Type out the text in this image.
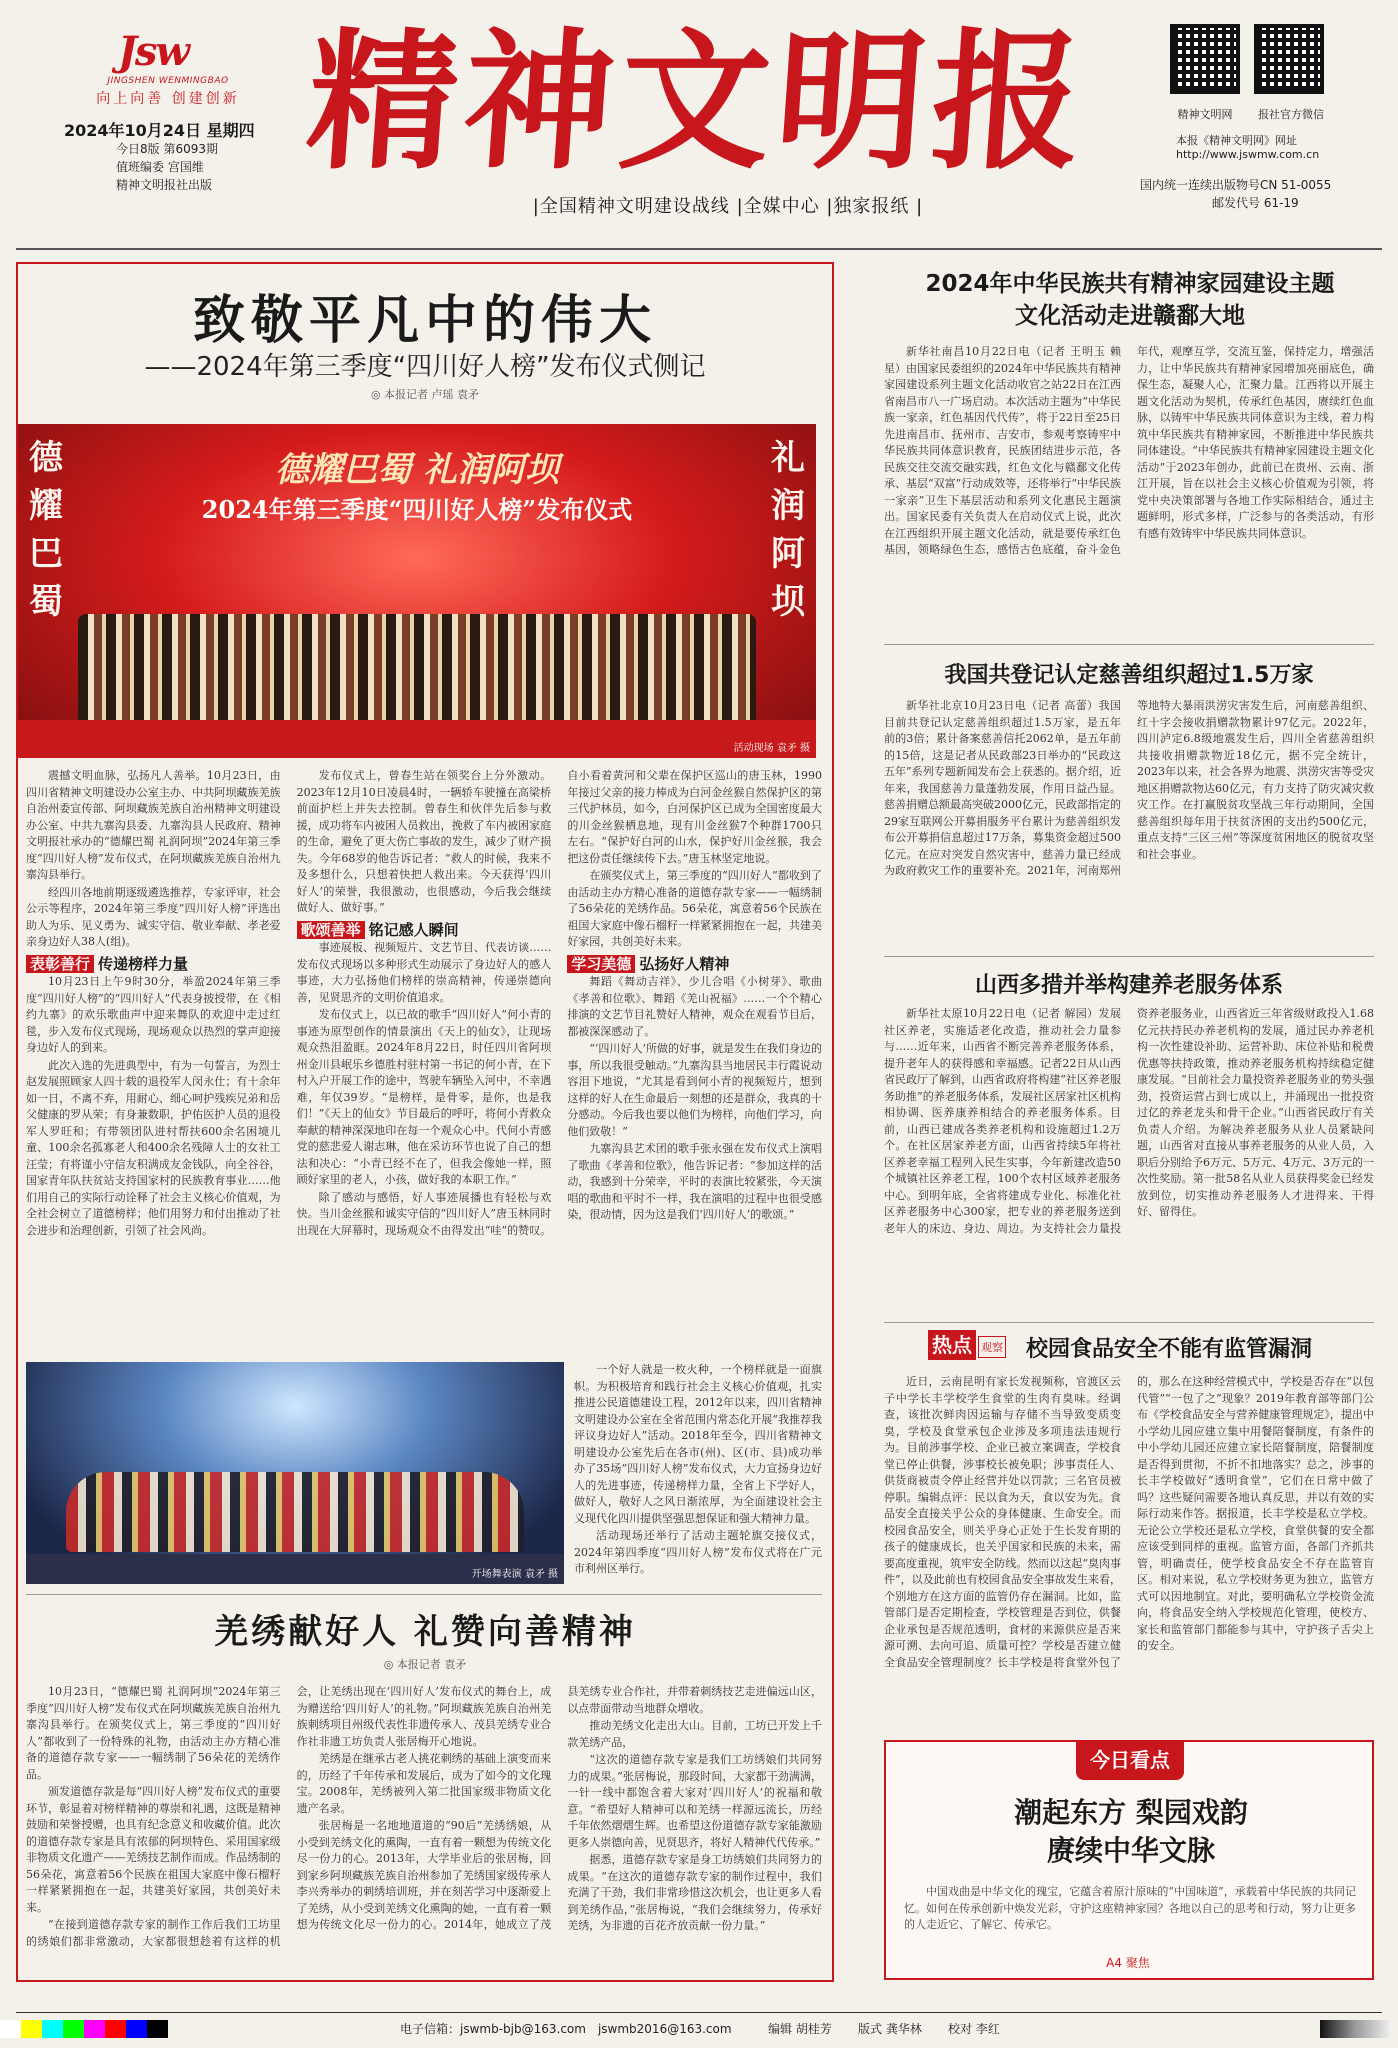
Jsw
JINGSHEN WENMINGBAO
向上向善 创建创新
2024年10月24日 星期四
今日8版 第6093期
值班编委 宫国维
精神文明报社出版 精神文明报
|全国精神文明建设战线 |全媒中心 |独家报纸 |
精神文明网	报社官方微信
本报《精神文明网》网址
http://www.jswmw.com.cn
国内统一连续出版物号CN 51-0055
邮发代号 61-19
致敬平凡中的伟大
——2024年第三季度“四川好人榜”发布仪式侧记
◎ 本报记者 卢瑶 袁矛
德耀巴蜀
礼润阿坝
德耀巴蜀 礼润阿坝
2024年第三季度“四川好人榜”发布仪式
活动现场 袁矛 摄

震撼文明血脉，弘扬凡人善举。10月23日，由四川省精神文明建设办公室主办、中共阿坝藏族羌族自治州委宣传部、阿坝藏族羌族自治州精神文明建设办公室、中共九寨沟县委、九寨沟县人民政府、精神文明报社承办的“德耀巴蜀 礼润阿坝”2024年第三季度“四川好人榜”发布仪式，在阿坝藏族羌族自治州九寨沟县举行。

经四川各地前期逐级遴选推荐，专家评审，社会公示等程序，2024年第三季度“四川好人榜”评选出助人为乐、见义勇为、诚实守信、敬业奉献、孝老爱亲身边好人38人(组)。

表彰善行 传递榜样力量

10月23日上午9时30分，举盈2024年第三季度“四川好人榜”的“四川好人”代表身披授带，在《相约九寨》的欢乐歌曲声中迎来舞队的欢迎中走过红毯，步入发布仪式现场，现场观众以热烈的掌声迎接身边好人的到来。

此次入选的先进典型中，有为一句誓言，为烈士赵发展照顾家人四十载的退役军人闵永仕；有十余年如一日，不离不弃，用耐心、细心呵护残疾兄弟和岳父健康的罗从荣；有身兼数职，护佑医护人员的退役军人罗旺和；有带领团队进村帮扶600余名困境儿童、100余名孤寡老人和400余名残障人士的女社工汪莹；有将谨小守信友积满成友金钱队，向全谷谷，国家青年队扶贫站支持国家村的民族教育事业……他们用自己的实际行动诠释了社会主义核心价值观，为全社会树立了道德榜样；他们用努力和付出推动了社会进步和治理创新，引领了社会风尚。

发布仪式上，曾春生站在领奖台上分外激动。2023年12月10日凌晨4时，一辆轿车驶撞在高梁桥前面护栏上并失去控制。曾春生和伙伴先后参与救援，成功将车内被困人员救出，挽救了车内被困家庭的生命，避免了更大伤亡事故的发生，减少了财产损失。今年68岁的他告诉记者：“救人的时候，我来不及多想什么，只想着快把人救出来。今天获得‘四川好人’的荣誉，我很激动，也很感动，今后我会继续做好人、做好事。”

歌颂善举 铭记感人瞬间

事迹展板、视频短片、文艺节目、代表访谈……发布仪式现场以多种形式生动展示了身边好人的感人事迹，大力弘扬他们榜样的崇高精神，传递崇德向善，见贤思齐的文明价值追求。

发布仪式上，以已故的歌手“四川好人”何小青的事迹为原型创作的情景演出《天上的仙女》，让现场观众热泪盈眶。2024年8月22日，时任四川省阿坝州金川县岷乐乡德胜村驻村第一书记的何小青，在下村入户开展工作的途中，驾驶车辆坠入河中，不幸遇难，年仅39岁。“是榜样，是骨零，是你，也是我们！”《天上的仙女》节目最后的呼吁，将何小青救众奉献的精神深深地印在每一个观众心中。代何小青感党的慈悲爱人谢志琳，他在采访环节也说了自己的想法和决心：“小青已经不在了，但我会像她一样，照顾好家里的老人，小孩，做好我的本职工作。”

除了感动与感悟，好人事迹展播也有轻松与欢快。当川金丝猴和诚实守信的“四川好人”唐玉林同时出现在大屏幕时，现场观众不由得发出“哇”的赞叹。自小看着黄河和父辈在保护区巡山的唐玉林，1990年接过父亲的接力棒成为白河金丝猴自然保护区的第三代护林员，如今，白河保护区已成为全国密度最大的川金丝猴栖息地，现有川金丝猴7个种群1700只左右。“保护好白河的山水，保护好川金丝猴，我会把这份责任继续传下去。”唐玉林坚定地说。

在颁奖仪式上，第三季度的“四川好人”都收到了由活动主办方精心准备的道德存款专家——一幅绣制了56朵花的羌绣作品。56朵花，寓意着56个民族在祖国大家庭中像石榴籽一样紧紧拥抱在一起，共建美好家园，共创美好未来。

学习美德 弘扬好人精神

舞蹈《舞动吉祥》、少儿合唱《小树芽》、歌曲《孝善和位歌》、舞蹈《羌山祝福》……一个个精心排演的文艺节目礼赞好人精神，观众在观看节目后，都被深深感动了。

“‘四川好人’所做的好事，就是发生在我们身边的事，所以我很受触动。”九寨沟县当地居民丰行霞说动容泪下地说，“尤其是看到何小青的视频短片，想到这样的好人在生命最后一刻想的还是群众，我真的十分感动。今后我也要以他们为榜样，向他们学习，向他们致敬！”

九寨沟县艺术团的歌手张永强在发布仪式上演唱了歌曲《孝善和位歌》，他告诉记者：“参加这样的活动，我感到十分荣幸，平时的表演比较紧张，今天演唱的歌曲和平时不一样，我在演唱的过程中也很受感染，很动情，因为这是我们‘四川好人’的歌颂。”

开场舞表演 袁矛 摄

一个好人就是一枚火种，一个榜样就是一面旗帜。为积极培育和践行社会主义核心价值观，扎实推进公民道德建设工程，2012年以来，四川省精神文明建设办公室在全省范围内常态化开展“我推荐我评议身边好人”活动。2018年至今，四川省精神文明建设办公室先后在各市(州)、区(市、县)成功举办了35场“四川好人榜”发布仪式，大力宣扬身边好人的先进事迹，传递榜样力量，全省上下学好人，做好人，敬好人之风日渐浓厚，为全面建设社会主义现代化四川提供坚强思想保证和强大精神力量。

活动现场还举行了活动主题轮旗交接仪式，2024年第四季度“四川好人榜”发布仪式将在广元市利州区举行。

羌绣献好人 礼赞向善精神
◎ 本报记者 袁矛

10月23日，“德耀巴蜀 礼润阿坝”2024年第三季度“四川好人榜”发布仪式在阿坝藏族羌族自治州九寨沟县举行。在颁奖仪式上，第三季度的“四川好人”都收到了一份特殊的礼物，由活动主办方精心准备的道德存款专家——一幅绣制了56朵花的羌绣作品。

颁发道德存款是每“四川好人榜”发布仪式的重要环节，彰显着对榜样精神的尊崇和礼遇，这既是精神鼓励和荣誉授赠，也具有纪念意义和收藏价值。此次的道德存款专家是具有浓郁的阿坝特色、采用国家级非物质文化遗产——羌绣技艺制作而成。作品绣制的56朵花，寓意着56个民族在祖国大家庭中像石榴籽一样紧紧拥抱在一起，共建美好家园，共创美好未来。

“在接到道德存款专家的制作工作后我们工坊里的绣娘们都非常激动，大家都很想趁着有这样的机会，让羌绣出现在‘四川好人’发布仪式的舞台上，成为赠送给‘四川好人’的礼物。”阿坝藏族羌族自治州羌族刺绣项目州级代表性非遗传承人、茂县羌绣专业合作社非遗工坊负责人张居梅开心地说。

羌绣是在继承古老人挑花刺绣的基础上演变而来的，历经了千年传承和发展后，成为了如今的文化瑰宝。2008年，羌绣被列入第二批国家级非物质文化遗产名录。

张居梅是一名地地道道的“90后”羌绣绣娘，从小受到羌绣文化的熏陶，一直有着一颗想为传统文化尽一份力的心。2013年，大学毕业后的张居梅，回到家乡阿坝藏族羌族自治州参加了羌绣国家级传承人李兴秀举办的刺绣培训班，并在刻苦学习中逐渐爱上了羌绣，从小受到羌绣文化熏陶的她，一直有着一颗想为传统文化尽一份力的心。2014年，她成立了茂县羌绣专业合作社，并带着刺绣技艺走进偏远山区，以点带面带动当地群众增收。

推动羌绣文化走出大山。目前，工坊已开发上千款羌绣产品，

“这次的道德存款专家是我们工坊绣娘们共同努力的成果。”张居梅说，那段时间，大家都干劲满满，一针一线中都饱含着大家对‘四川好人’的祝福和敬意。“希望好人精神可以和羌绣一样源远流长，历经千年依然熠熠生辉。也希望这份道德存款专家能激励更多人崇德向善，见贤思齐，将好人精神代代传承。”

据悉，道德存款专家是身工坊绣娘们共同努力的成果。“在这次的道德存款专家的制作过程中，我们充满了干劲，我们非常珍惜这次机会，也让更多人看到羌绣作品，”张居梅说，“我们会继续努力，传承好羌绣，为非遗的百花齐放贡献一份力量。”

2024年中华民族共有精神家园建设主题文化活动走进赣鄱大地
新华社南昌10月22日电（记者 王明玉 赖星）由国家民委组织的2024年中华民族共有精神家园建设系列主题文化活动收官之站22日在江西省南昌市八一广场启动。本次活动主题为“中华民族一家亲，红色基因代代传”，将于22日至25日先进南昌市、抚州市、吉安市，参观考察铸牢中华民族共同体意识教育，民族团结进步示范，各民族交往交流交融实践，红色文化与赣鄱文化传承、基层“双富”行动成效等，还将举行“中华民族一家亲”卫生下基层活动和系列文化惠民主题演出。国家民委有关负责人在启动仪式上说，此次在江西组织开展主题文化活动，就是要传承红色基因，领略绿色生态，感悟古色底蕴，奋斗金色年代，观摩互学，交流互鉴，保持定力，增强活力，让中华民族共有精神家园增加亮丽底色，确保生态，凝聚人心，汇聚力量。江西将以开展主题文化活动为契机，传承红色基因，赓续红色血脉，以铸牢中华民族共同体意识为主线，着力构筑中华民族共有精神家园，不断推进中华民族共同体建设。“中华民族共有精神家园建设主题文化活动”于2023年创办，此前已在贵州、云南、浙江开展，旨在以社会主义核心价值观为引领，将党中央决策部署与各地工作实际相结合，通过主题鲜明，形式多样，广泛参与的各类活动，有形有感有效铸牢中华民族共同体意识。
我国共登记认定慈善组织超过1.5万家
新华社北京10月23日电（记者 高蕾）我国目前共登记认定慈善组织超过1.5万家，是五年前的3倍；累计备案慈善信托2062单，是五年前的15倍，这是记者从民政部23日举办的“民政这五年”系列专题新闻发布会上获悉的。据介绍，近年来，我国慈善力量蓬勃发展，作用日益凸显。慈善捐赠总额最高突破2000亿元，民政部指定的29家互联网公开募捐服务平台累计为慈善组织发布公开募捐信息超过17万条，募集资金超过500亿元。在应对突发自然灾害中，慈善力量已经成为政府救灾工作的重要补充。2021年，河南郑州等地特大暴雨洪涝灾害发生后，河南慈善组织、红十字会接收捐赠款物累计97亿元。2022年，四川泸定6.8级地震发生后，四川全省慈善组织共接收捐赠款物近18亿元，据不完全统计，2023年以来，社会各界为地震、洪涝灾害等受灾地区捐赠款物达60亿元，有力支持了防灾减灾救灾工作。在打赢脱贫攻坚战三年行动期间，全国慈善组织每年用于扶贫济困的支出约500亿元，重点支持“三区三州”等深度贫困地区的脱贫攻坚和社会事业。
山西多措并举构建养老服务体系
新华社太原10月22日电（记者 解园）发展社区养老，实施适老化改造，推动社会力量参与……近年来，山西省不断完善养老服务体系，提升老年人的获得感和幸福感。记者22日从山西省民政厅了解到，山西省政府将构建“社区养老服务助推”的养老服务体系，发展社区居家社区机构相协调、医养康养相结合的养老服务体系。目前，山西已建成各类养老机构和设施超过1.2万个。在社区居家养老方面，山西省持续5年将社区养老幸福工程列入民生实事，今年新建改造50个城镇社区养老工程，100个农村区域养老服务中心。到明年底，全省将建成专业化、标准化社区养老服务中心300家，把专业的养老服务送到老年人的床边、身边、周边。为支持社会力量投资养老服务业，山西省近三年省级财政投入1.68亿元扶持民办养老机构的发展，通过民办养老机构一次性建设补助、运营补助、床位补贴和税费优惠等扶持政策，推动养老服务机构持续稳定健康发展。“目前社会力量投资养老服务业的势头强劲，投资运营占到七成以上，并涌现出一批投资过亿的养老龙头和骨干企业。”山西省民政厅有关负责人介绍。为解决养老服务从业人员紧缺问题，山西省对直接从事养老服务的从业人员，入职后分别给予6万元、5万元、4万元、3万元的一次性奖励。第一批58名从业人员获得奖金已经发放到位，切实推动养老服务人才进得来、干得好、留得住。
热点 观察	校园食品安全不能有监管漏洞
近日，云南昆明有家长发视频称，官渡区云子中学长丰学校学生食堂的生肉有臭味。经调查，该批次鲜肉因运输与存储不当导致变质变臭，学校及食堂承包企业涉及多项违法违规行为。目前涉事学校、企业已被立案调查，学校食堂已停止供餐，涉事校长被免职；涉事责任人、供货商被责令停止经营并处以罚款；三名官员被停职。编辑点评：民以食为天，食以安为先。食品安全直接关乎公众的身体健康、生命安全。而校园食品安全，则关乎身心正处于生长发育期的孩子的健康成长，也关乎国家和民族的未来，需要高度重视，筑牢安全防线。然而以这起“臭肉事件”，以及此前也有校园食品安全事故发生来看，个别地方在这方面的监管仍存在漏洞。比如，监管部门是否定期检查，学校管理是否到位，供餐企业承包是否规范透明，食材的来源供应是否来源可溯、去向可追、质量可控？学校是否建立健全食品安全管理制度？长丰学校是将食堂外包了的，那么在这种经营模式中，学校是否存在“以包代管”“一包了之”现象？2019年教育部等部门公布《学校食品安全与营养健康管理规定》，提出中小学幼儿园应建立集中用餐陪餐制度，有条件的中小学幼儿园还应建立家长陪餐制度，陪餐制度是否得到贯彻，不折不扣地落实？总之，涉事的长丰学校做好“透明食堂”，它们在日常中做了吗？这些疑问需要各地认真反思，并以有效的实际行动来作答。据报道，长丰学校是私立学校。无论公立学校还是私立学校，食堂供餐的安全都应该受到同样的重视。监管方面，各部门齐抓共管，明确责任，使学校食品安全不存在监管盲区。相对来说，私立学校财务更为独立，监管方式可以因地制宜。对此，要明确私立学校资金流向，将食品安全纳入学校规范化管理，使校方、家长和监管部门都能参与其中，守护孩子舌尖上的安全。
今日看点
潮起东方 梨园戏韵赓续中华文脉
中国戏曲是中华文化的瑰宝，它蕴含着原汁原味的“中国味道”，承载着中华民族的共同记忆。如何在传承创新中焕发光彩，守护这座精神家园？各地以自己的思考和行动，努力让更多的人走近它、了解它、传承它。
A4 聚焦
电子信箱：jswmb-bjb@163.com　jswmb2016@163.com	编辑 胡桂芳 版式 龚华林 校对 李红
